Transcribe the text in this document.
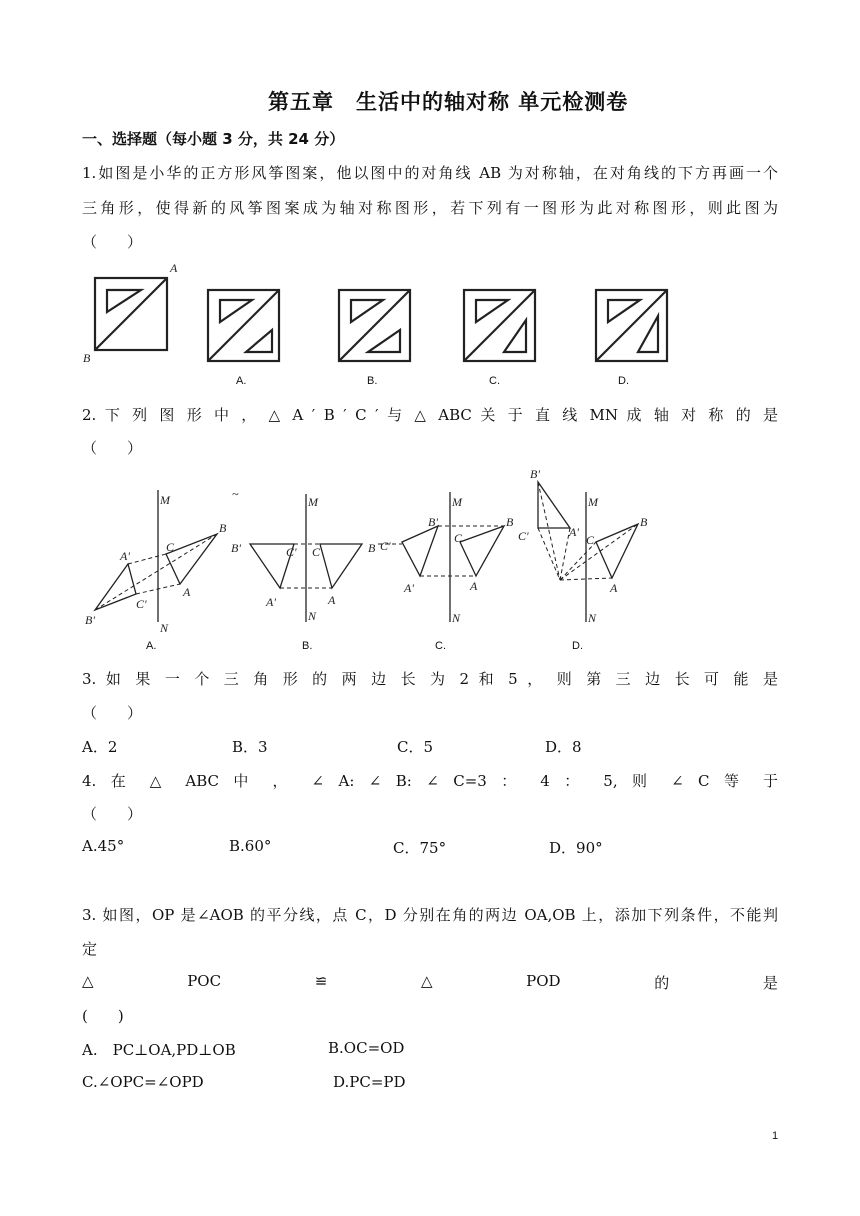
第五章　生活中的轴对称 单元检测卷
一、选择题（每小题 3 分，共 24 分）
1.如图是小华的正方形风筝图案，他以图中的对角线 AB 为对称轴，在对角线的下方再画一个
三角形，使得新的风筝图案成为轴对称图形，若下列有一图形为此对称图形，则此图为
（　　）
A
B
A.	B.	C.	D.
2. 下 列 图 形 中 ， △ A ′ B ′ C ′ 与 △ ABC 关 于 直 线 MN 成 轴 对 称 的 是
（　　）
M
N
A'
B'
C'
C
B
A
~
M
N
B'	C'
A'
C	B
A
M
N
B'
C'
A'
C
B
A
B'
M
N
C'	A'
C
B
A
A.	B.	C.	D.
3. 如 果 一 个 三 角 形 的 两 边 长 为 2 和 5 ， 则 第 三 边 长 可 能 是
（　　）
A．2	B．3	C．5	D．8
4. 在 △ ABC 中 ， ∠ A: ∠ B: ∠ C=3 ： 4 ： 5, 则 ∠ C 等 于
（　　）
A.45°	B.60°	C．75°	D．90°
3. 如图，OP 是∠AOB 的平分线，点 C，D 分别在角的两边 OA,OB 上，添加下列条件，不能判
定
△	POC	≌	△	POD	的	是
(　　)
A.　PC⊥OA,PD⊥OB	B.OC=OD
C.∠OPC=∠OPD	D.PC=PD
1
